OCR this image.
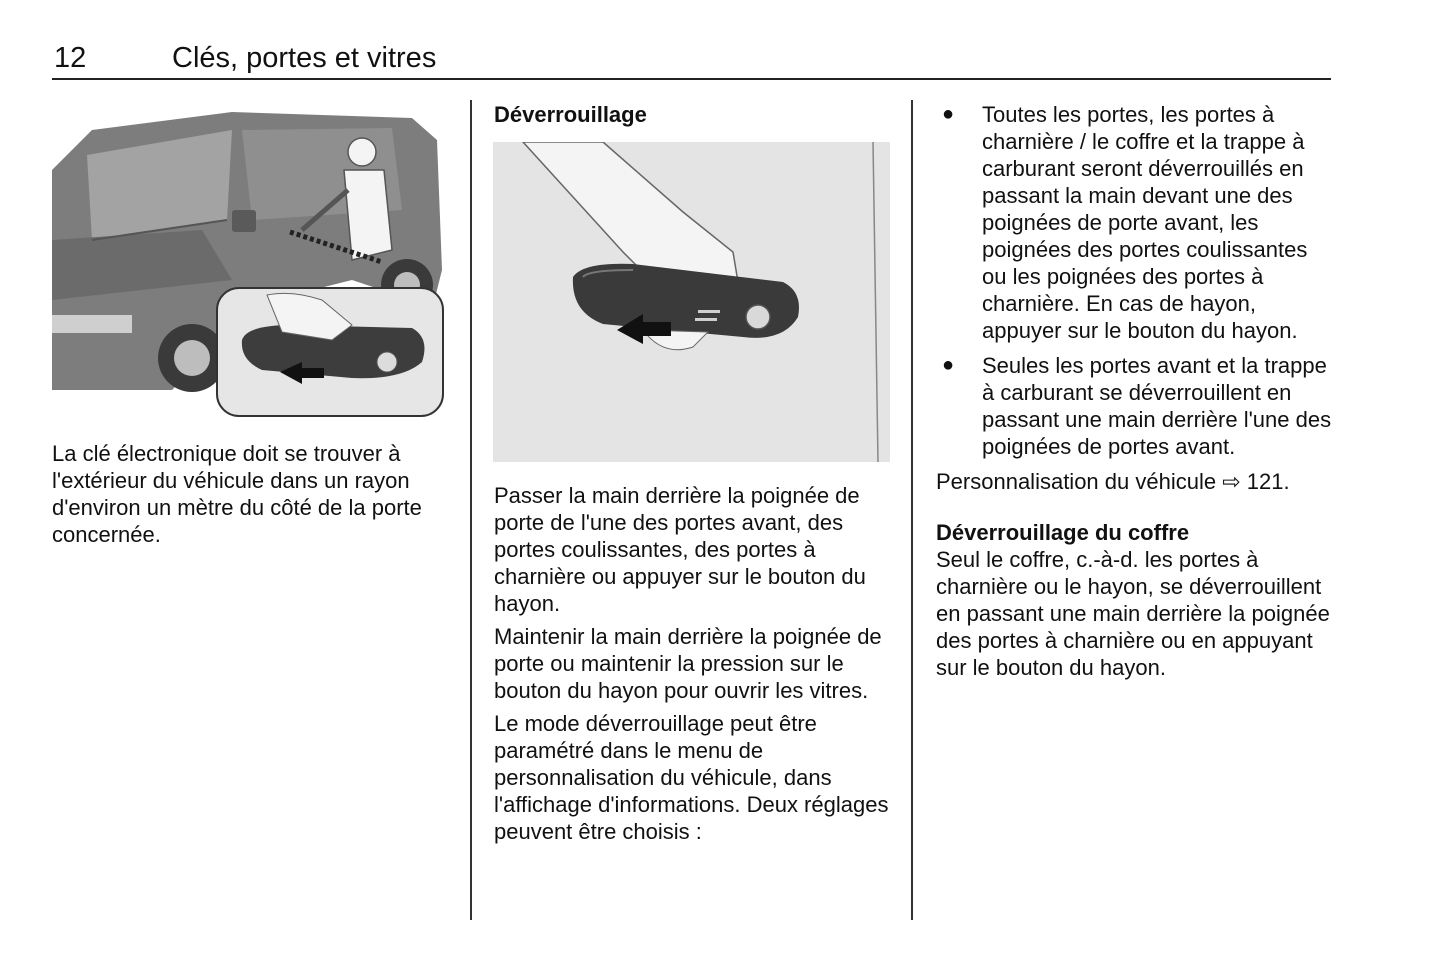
12	Clés, portes et vitres
La clé électronique doit se trouver à l'extérieur du véhicule dans un rayon d'environ un mètre du côté de la porte concernée.
Déverrouillage

Passer la main derrière la poignée de porte de l'une des portes avant, des portes coulissantes, des portes à charnière ou appuyer sur le bouton du hayon.

Maintenir la main derrière la poignée de porte ou maintenir la pression sur le bouton du hayon pour ouvrir les vitres.

Le mode déverrouillage peut être paramétré dans le menu de personnalisation du véhicule, dans l'affichage d'informations. Deux réglages peuvent être choisis :

● Toutes les portes, les portes à charnière / le coffre et la trappe à carburant seront déverrouillés en passant la main devant une des poignées de porte avant, les poignées des portes coulissantes ou les poignées des portes à charnière. En cas de hayon, appuyer sur le bouton du hayon.
● Seules les portes avant et la trappe à carburant se déverrouillent en passant une main derrière l'une des poignées de portes avant.

Personnalisation du véhicule ⇨ 121.

Déverrouillage du coffre

Seul le coffre, c.-à-d. les portes à charnière ou le hayon, se déverrouillent en passant une main derrière la poignée des portes à charnière ou en appuyant sur le bouton du hayon.
